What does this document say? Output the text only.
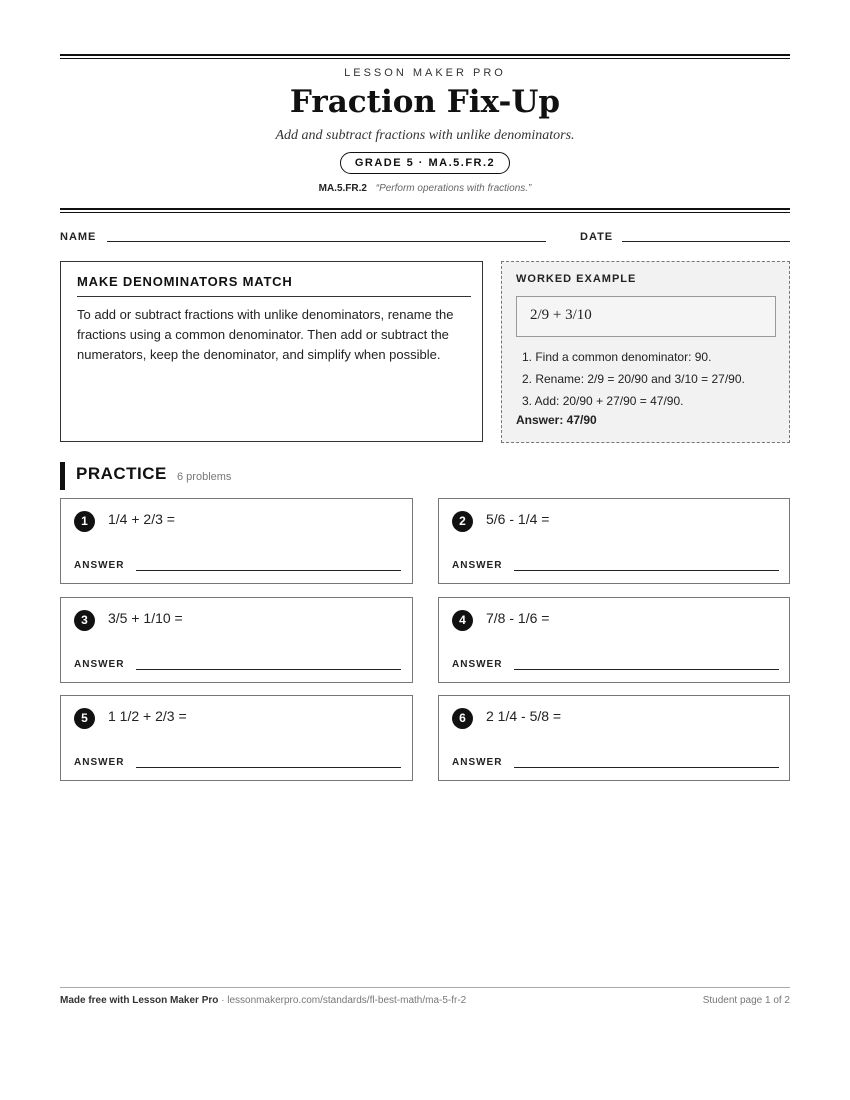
LESSON MAKER PRO
Fraction Fix-Up
Add and subtract fractions with unlike denominators.
GRADE 5 · MA.5.FR.2
MA.5.FR.2 “Perform operations with fractions.”
NAME	DATE
MAKE DENOMINATORS MATCH
To add or subtract fractions with unlike denominators, rename the fractions using a common denominator. Then add or subtract the numerators, keep the denominator, and simplify when possible.
WORKED EXAMPLE
2/9 + 3/10
1. Find a common denominator: 90.
2. Rename: 2/9 = 20/90 and 3/10 = 27/90.
3. Add: 20/90 + 27/90 = 47/90.
Answer: 47/90
PRACTICE 6 problems
1	1/4 + 2/3 =
ANSWER
2	5/6 - 1/4 =
ANSWER
3	3/5 + 1/10 =
ANSWER
4	7/8 - 1/6 =
ANSWER
5	1 1/2 + 2/3 =
ANSWER
6	2 1/4 - 5/8 =
ANSWER
Made free with Lesson Maker Pro · lessonmakerpro.com/standards/fl-best-math/ma-5-fr-2	Student page 1 of 2
